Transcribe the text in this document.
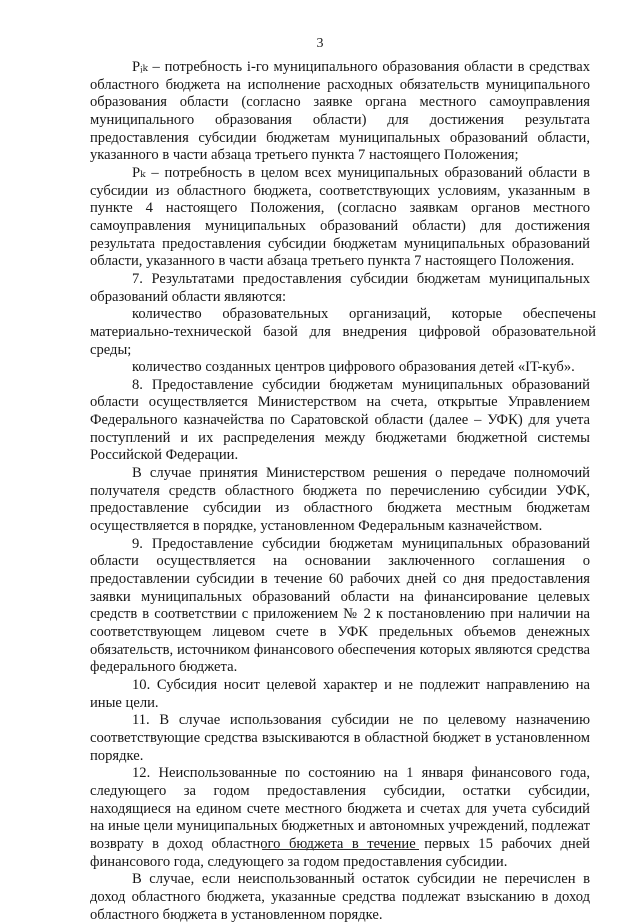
3

Pᵢₖ – потребность i-го муниципального образования области в средствах областного бюджета на исполнение расходных обязательств муниципального образования области (согласно заявке органа местного самоуправления муниципального образования области) для достижения результата предоставления субсидии бюджетам муниципальных образований области, указанного в части абзаца третьего пункта 7 настоящего Положения;

Pₖ – потребность в целом всех муниципальных образований области в субсидии из областного бюджета, соответствующих условиям, указанным в пункте 4 настоящего Положения, (согласно заявкам органов местного самоуправления муниципальных образований области) для достижения результата предоставления субсидии бюджетам муниципальных образований области, указанного в части абзаца третьего пункта 7 настоящего Положения.

7. Результатами предоставления субсидии бюджетам муниципальных образований области являются:

количество образовательных организаций, которые обеспечены материально-технической базой для внедрения цифровой образовательной среды;

количество созданных центров цифрового образования детей «IT-куб».

8. Предоставление субсидии бюджетам муниципальных образований области осуществляется Министерством на счета, открытые Управлением Федерального казначейства по Саратовской области (далее – УФК) для учета поступлений и их распределения между бюджетами бюджетной системы Российской Федерации.

В случае принятия Министерством решения о передаче полномочий получателя средств областного бюджета по перечислению субсидии УФК, предоставление субсидии из областного бюджета местным бюджетам осуществляется в порядке, установленном Федеральным казначейством.

9. Предоставление субсидии бюджетам муниципальных образований области осуществляется на основании заключенного соглашения о предоставлении субсидии в течение 60 рабочих дней со дня предоставления заявки муниципальных образований области на финансирование целевых средств в соответствии с приложением № 2 к постановлению при наличии на соответствующем лицевом счете в УФК предельных объемов денежных обязательств, источником финансового обеспечения которых являются средства федерального бюджета.

10. Субсидия носит целевой характер и не подлежит направлению на иные цели.

11. В случае использования субсидии не по целевому назначению соответствующие средства взыскиваются в областной бюджет в установленном порядке.

12. Неиспользованные по состоянию на 1 января финансового года, следующего за годом предоставления субсидии, остатки субсидии, находящиеся на едином счете местного бюджета и счетах для учета субсидий на иные цели муниципальных бюджетных и автономных учреждений, подлежат возврату в доход областного бюджета в течение первых 15 рабочих дней финансового года, следующего за годом предоставления субсидии.

В случае, если неиспользованный остаток субсидии не перечислен в доход областного бюджета, указанные средства подлежат взысканию в доход областного бюджета в установленном порядке.
